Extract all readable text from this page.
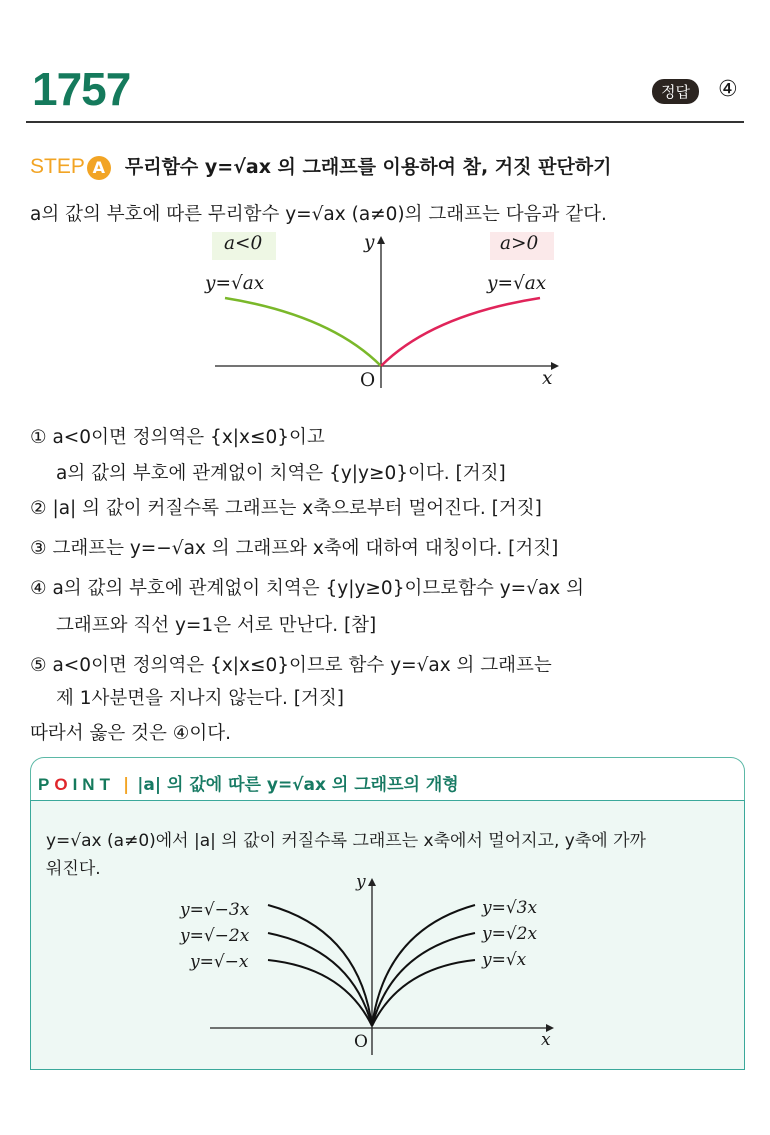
1757	정답	④
STEP A 무리함수 y=√ax 의 그래프를 이용하여 참, 거짓 판단하기
a의 값의 부호에 따른 무리함수 y=√ax (a≠0)의 그래프는 다음과 같다.
a<0
y=√ax
a>0
y=√ax
y
x
O
① a<0이면 정의역은 {x|x≤0}이고
a의 값의 부호에 관계없이 치역은 {y|y≥0}이다. [거짓]
② |a| 의 값이 커질수록 그래프는 x축으로부터 멀어진다. [거짓]
③ 그래프는 y=−√ax 의 그래프와 x축에 대하여 대칭이다. [거짓]
④ a의 값의 부호에 관계없이 치역은 {y|y≥0}이므로함수 y=√ax 의
그래프와 직선 y=1은 서로 만난다. [참]
⑤ a<0이면 정의역은 {x|x≤0}이므로 함수 y=√ax 의 그래프는
제 1사분면을 지나지 않는다. [거짓]
따라서 옳은 것은 ④이다.
POINT | |a| 의 값에 따른 y=√ax 의 그래프의 개형
y=√ax (a≠0)에서 |a| 의 값이 커질수록 그래프는 x축에서 멀어지고, y축에 가까
워진다.
y=√−3x
y=√−2x
y=√−x
y=√3x
y=√2x
y=√x
y
x
O
